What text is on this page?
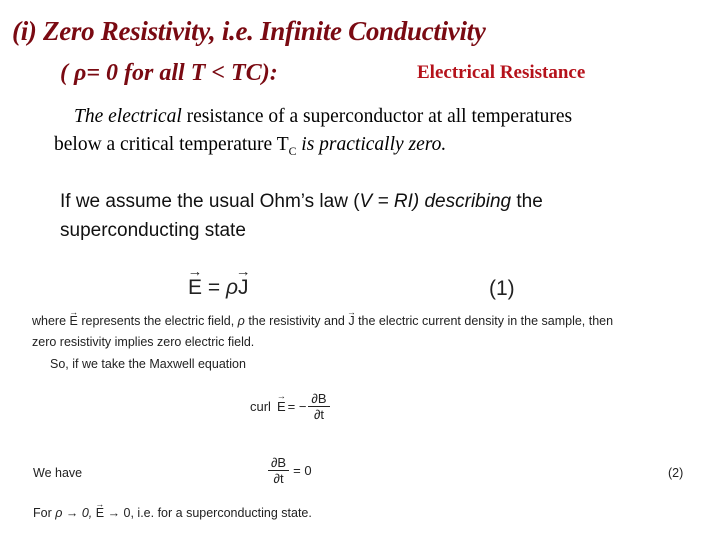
(i) Zero Resistivity, i.e. Infinite Conductivity
( ρ= 0 for all T < TC):	Electrical Resistance
The electrical resistance of a superconductor at all temperatures
below a critical temperature $T_C$ is practically zero.
If we assume the usual Ohm’s law (V = RI) describing the
superconducting state
→ E = ρ→ J	(1)
where → E represents the electric field, ρ the resistivity and → J the electric current density in the sample, then
zero resistivity implies zero electric field.
So, if we take the Maxwell equation
curl → E = − $\frac{\partial B}{\partial t}$
We have	$\frac{\partial B}{\partial t} = 0$	(2)
For ρ → 0, → E → 0, i.e. for a superconducting state.
